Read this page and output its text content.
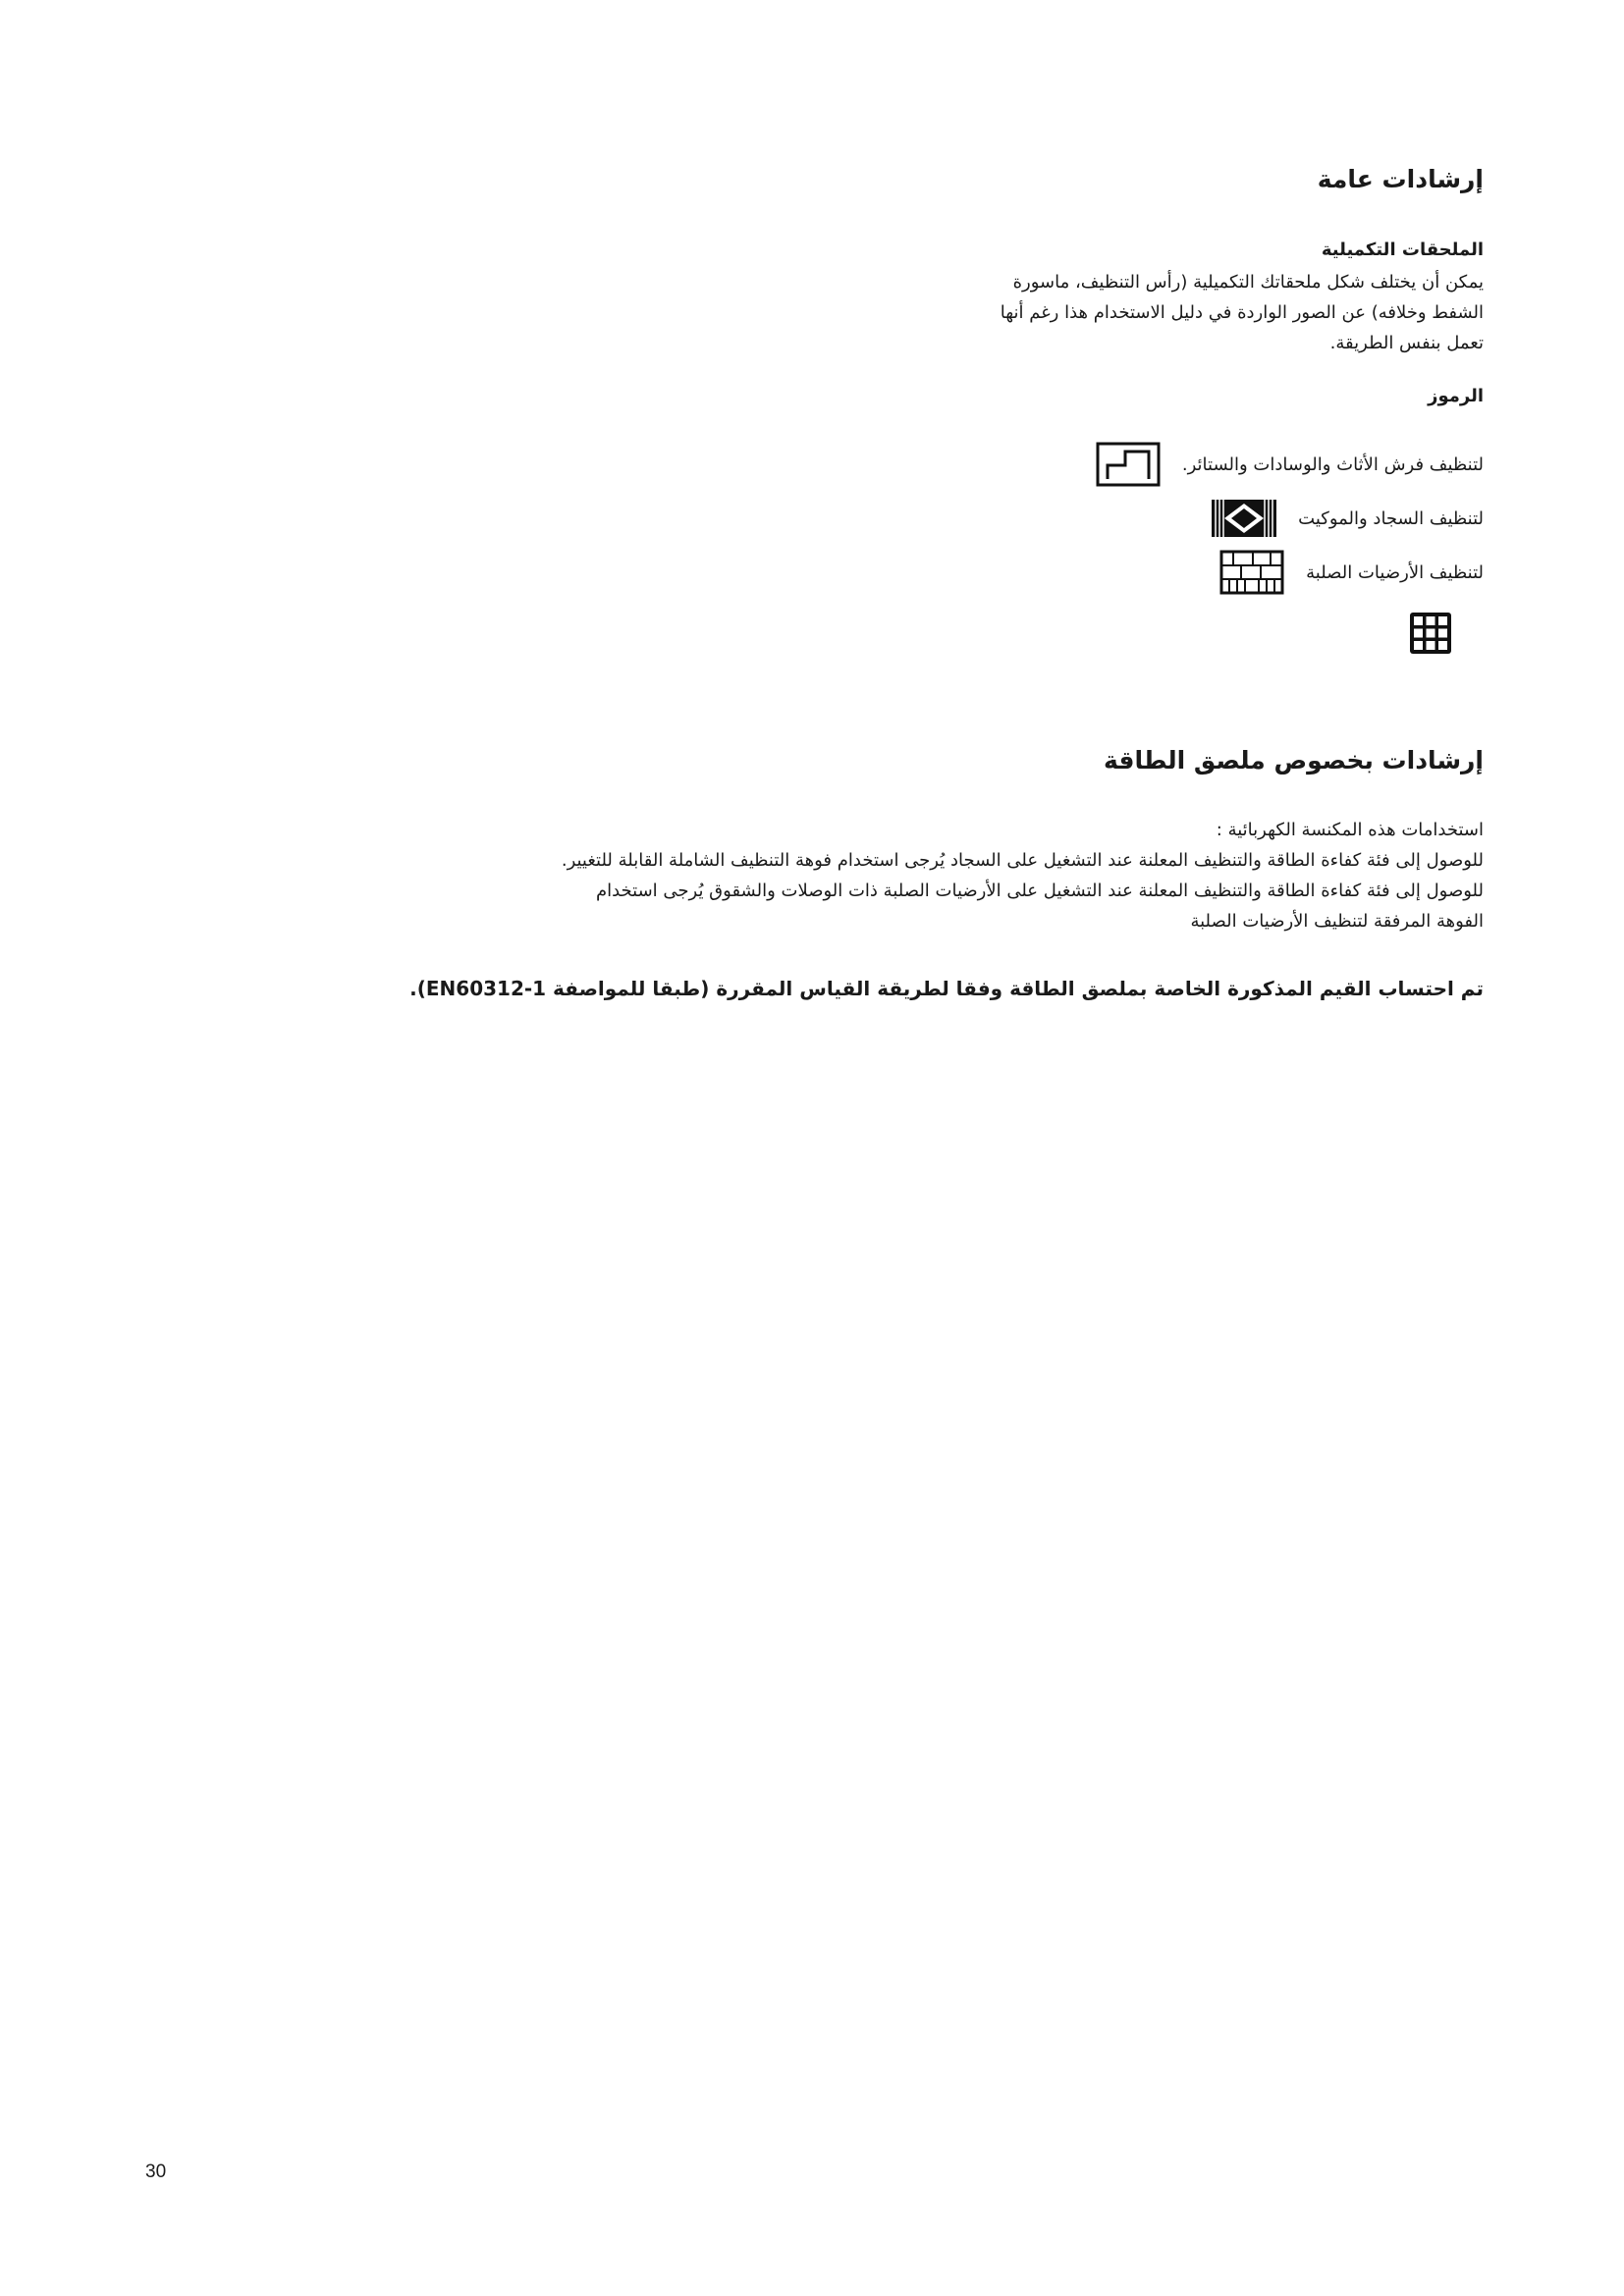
إرشادات عامة
الملحقات التكميلية
يمكن أن يختلف شكل ملحقاتك التكميلية (رأس التنظيف، ماسورة
الشفط وخلافه) عن الصور الواردة في دليل الاستخدام هذا رغم أنها
تعمل بنفس الطريقة.
الرموز
لتنظيف فرش الأثاث والوسادات والستائر.
لتنظيف السجاد والموكيت
لتنظيف الأرضيات الصلبة
إرشادات بخصوص ملصق الطاقة
استخدامات هذه المكنسة الكهربائية :
للوصول إلى فئة كفاءة الطاقة والتنظيف المعلنة عند التشغيل على السجاد يُرجى استخدام فوهة التنظيف الشاملة القابلة للتغيير.
للوصول إلى فئة كفاءة الطاقة والتنظيف المعلنة عند التشغيل على الأرضيات الصلبة ذات الوصلات والشقوق يُرجى استخدام
الفوهة المرفقة لتنظيف الأرضيات الصلبة
تم احتساب القيم المذكورة الخاصة بملصق الطاقة وفقا لطريقة القياس المقررة (طبقا للمواصفة EN60312-1).
30
